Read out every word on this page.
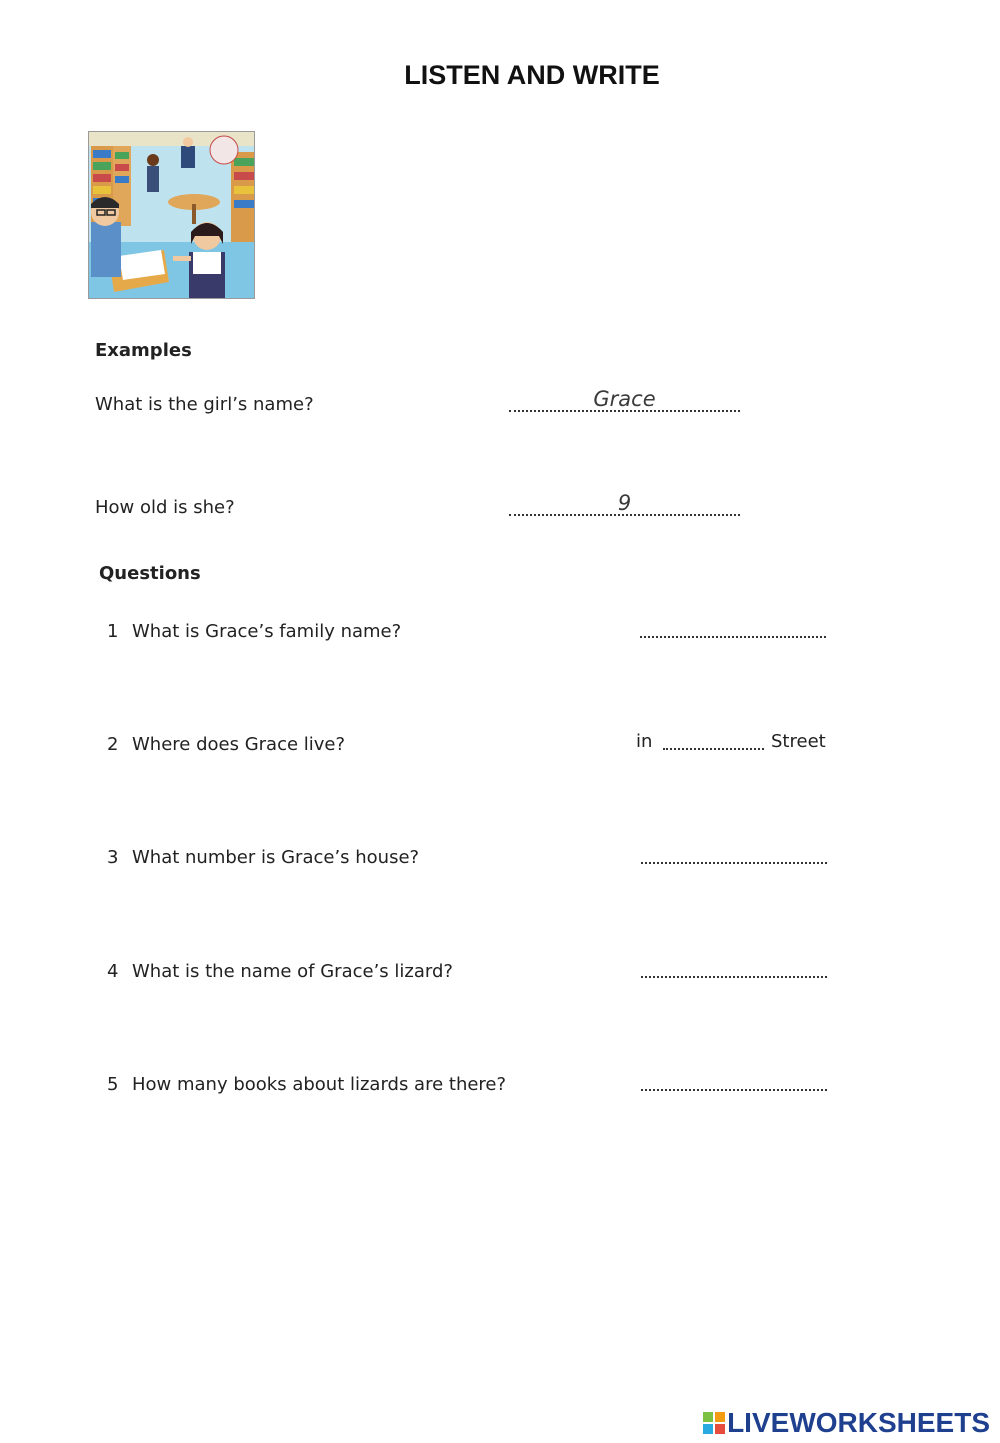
LISTEN AND WRITE
Examples
What is the girl’s name?	Grace
How old is she?	9
Questions
1 What is Grace’s family name?
2 Where does Grace live?	in	Street
3 What number is Grace’s house?
4 What is the name of Grace’s lizard?
5 How many books about lizards are there?
LIVEWORKSHEETS
